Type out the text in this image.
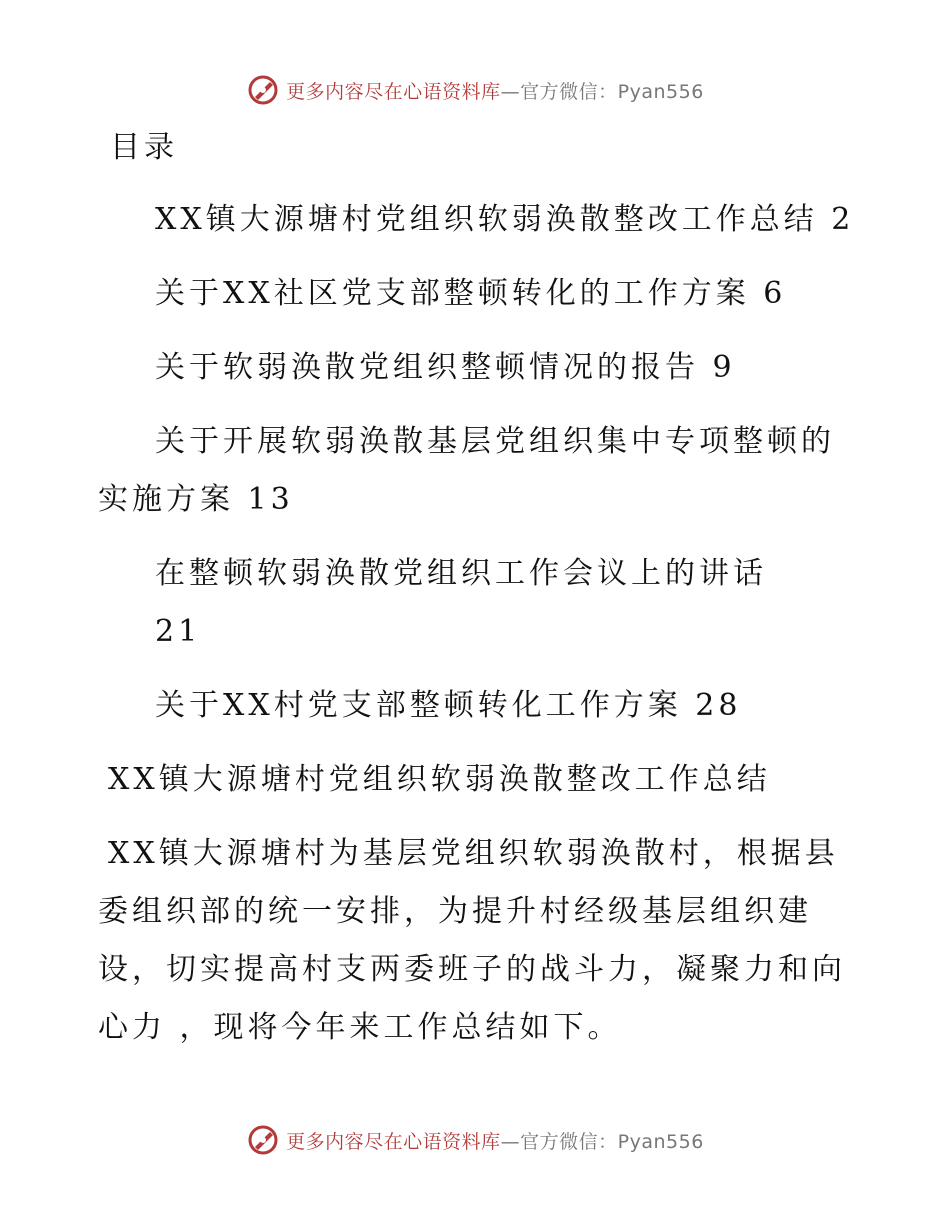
更多内容尽在心语资料库—官方微信：Pyan556
目录
XX镇大源塘村党组织软弱涣散整改工作总结 2
关于XX社区党支部整顿转化的工作方案 6
关于软弱涣散党组织整顿情况的报告 9
关于开展软弱涣散基层党组织集中专项整顿的
实施方案 13
在整顿软弱涣散党组织工作会议上的讲话
21
关于XX村党支部整顿转化工作方案 28
XX镇大源塘村党组织软弱涣散整改工作总结
XX镇大源塘村为基层党组织软弱涣散村，根据县
委组织部的统一安排，为提升村经级基层组织建
设，切实提高村支两委班子的战斗力，凝聚力和向
心力 ，现将今年来工作总结如下。
更多内容尽在心语资料库—官方微信：Pyan556
